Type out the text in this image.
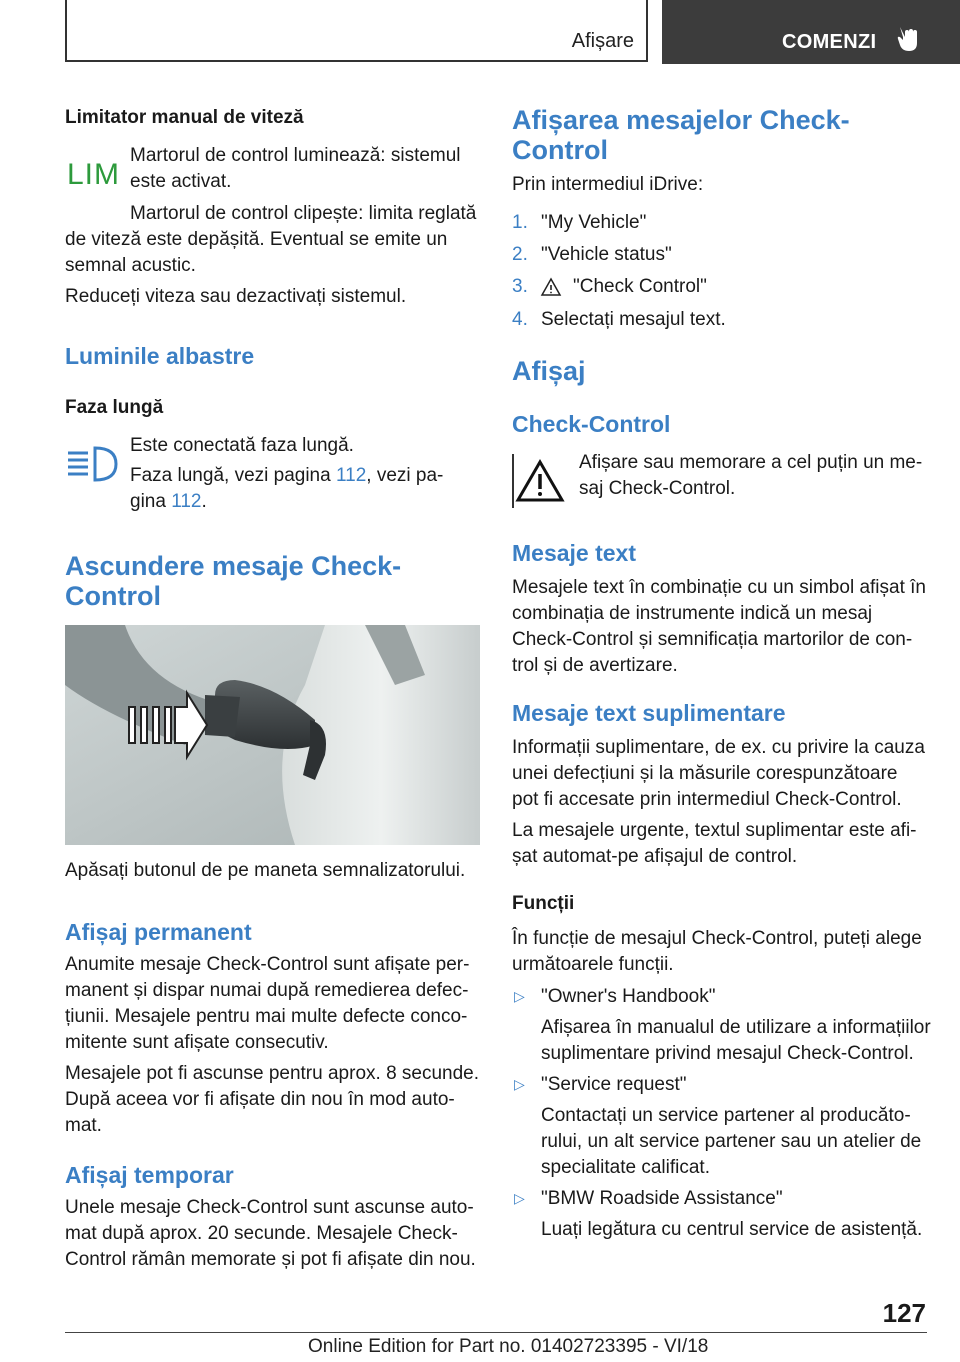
Afișare	COMENZI
Limitator manual de viteză
LIM
Martorul de control luminează: sistemul
este activat.
Martorul de control clipește: limita reglată
de viteză este depășită. Eventual se emite un
semnal acustic.
Reduceți viteza sau dezactivați sistemul.
Luminile albastre
Faza lungă
Este conectată faza lungă.
Faza lungă, vezi pagina 112, vezi pa-
gina 112.
Ascundere mesaje Check-
Control
Apăsați butonul de pe maneta semnalizatorului.
Afișaj permanent
Anumite mesaje Check-Control sunt afișate per-
manent și dispar numai după remedierea defec-
țiunii. Mesajele pentru mai multe defecte conco-
mitente sunt afișate consecutiv.
Mesajele pot fi ascunse pentru aprox. 8 secunde.
După aceea vor fi afișate din nou în mod auto-
mat.
Afișaj temporar
Unele mesaje Check-Control sunt ascunse auto-
mat după aprox. 20 secunde. Mesajele Check-
Control rămân memorate și pot fi afișate din nou.
Afișarea mesajelor Check-
Control
Prin intermediul iDrive:
1. "My Vehicle"
2. "Vehicle status"
3. "Check Control"
4. Selectați mesajul text.
Afișaj
Check-Control
Afișare sau memorare a cel puțin un me-
saj Check-Control.
Mesaje text
Mesajele text în combinație cu un simbol afișat în
combinația de instrumente indică un mesaj
Check-Control și semnificația martorilor de con-
trol și de avertizare.
Mesaje text suplimentare
Informații suplimentare, de ex. cu privire la cauza
unei defecțiuni și la măsurile corespunzătoare
pot fi accesate prin intermediul Check-Control.
La mesajele urgente, textul suplimentar este afi-
șat automat-pe afișajul de control.
Funcții
În funcție de mesajul Check-Control, puteți alege
următoarele funcții.
▷ "Owner's Handbook"
Afișarea în manualul de utilizare a informațiilor
suplimentare privind mesajul Check-Control.
▷ "Service request"
Contactați un service partener al producăto-
rului, un alt service partener sau un atelier de
specialitate calificat.
▷ "BMW Roadside Assistance"
Luați legătura cu centrul service de asistență.
127
Online Edition for Part no. 01402723395 - VI/18
